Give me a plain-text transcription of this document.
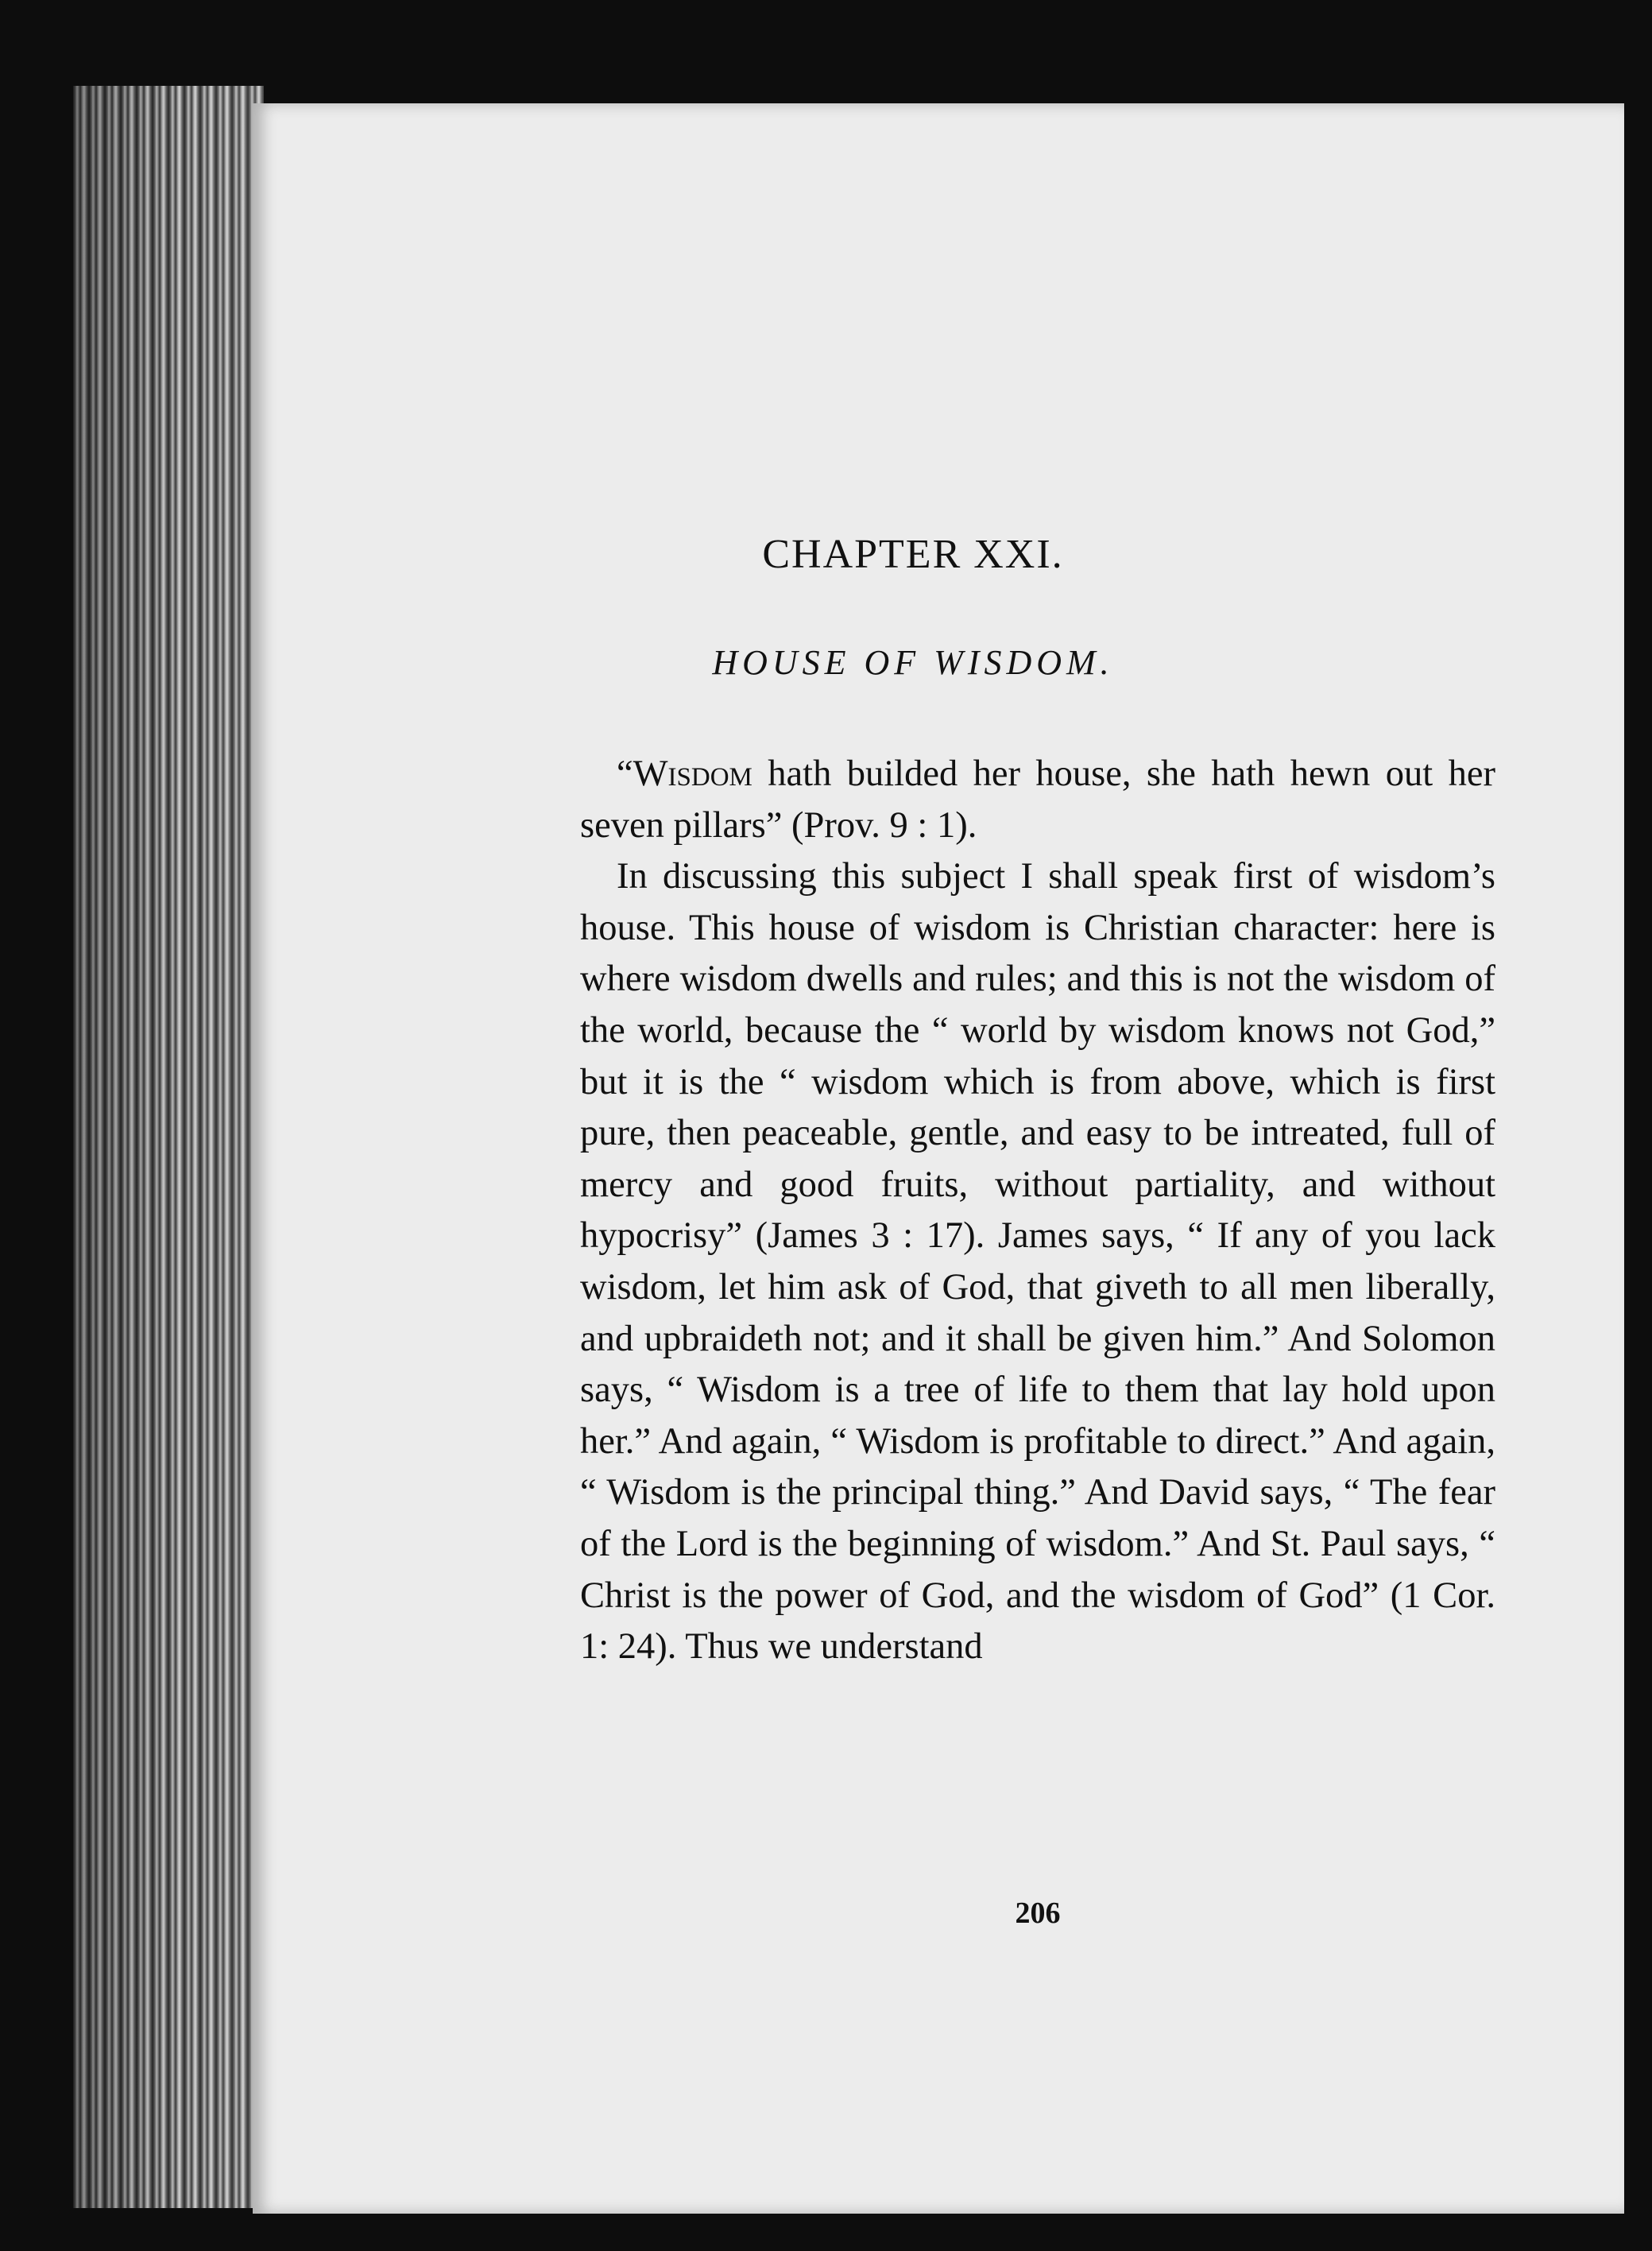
CHAPTER XXI.
HOUSE OF WISDOM.

“Wisdom hath builded her house, she hath hewn out her seven pillars” (Prov. 9 : 1).

In discussing this subject I shall speak first of wisdom’s house. This house of wisdom is Christian character: here is where wisdom dwells and rules; and this is not the wisdom of the world, because the “ world by wisdom knows not God,” but it is the “ wisdom which is from above, which is first pure, then peaceable, gentle, and easy to be intreated, full of mercy and good fruits, without partiality, and without hypocrisy” (James 3 : 17). James says, “ If any of you lack wisdom, let him ask of God, that giveth to all men liberally, and upbraideth not; and it shall be given him.” And Solomon says, “ Wisdom is a tree of life to them that lay hold upon her.” And again, “ Wisdom is profitable to direct.” And again, “ Wisdom is the principal thing.” And David says, “ The fear of the Lord is the beginning of wisdom.” And St. Paul says, “ Christ is the power of God, and the wisdom of God” (1 Cor. 1: 24). Thus we understand

206
